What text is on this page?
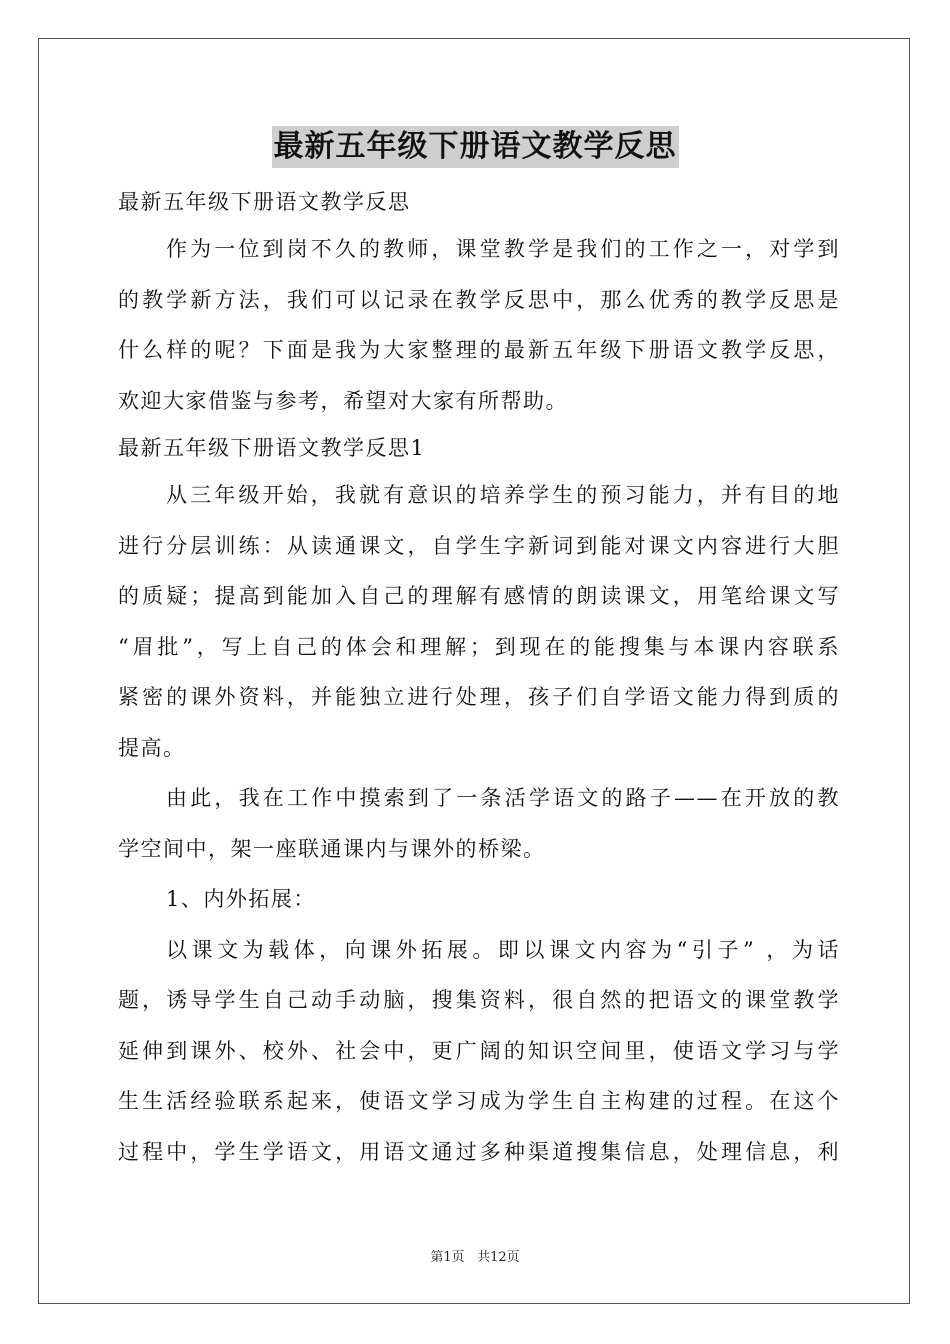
最新五年级下册语文教学反思
最新五年级下册语文教学反思
作为一位到岗不久的教师，课堂教学是我们的工作之一，对学到
的教学新方法，我们可以记录在教学反思中，那么优秀的教学反思是
什么样的呢？下面是我为大家整理的最新五年级下册语文教学反思，
欢迎大家借鉴与参考，希望对大家有所帮助。
最新五年级下册语文教学反思1
从三年级开始，我就有意识的培养学生的预习能力，并有目的地
进行分层训练：从读通课文，自学生字新词到能对课文内容进行大胆
的质疑；提高到能加入自己的理解有感情的朗读课文，用笔给课文写
“眉批”，写上自己的体会和理解；到现在的能搜集与本课内容联系
紧密的课外资料，并能独立进行处理，孩子们自学语文能力得到质的
提高。
由此，我在工作中摸索到了一条活学语文的路子——在开放的教
学空间中，架一座联通课内与课外的桥梁。
1、内外拓展：
以课文为载体，向课外拓展。即以课文内容为“引子” ，为话
题，诱导学生自己动手动脑，搜集资料，很自然的把语文的课堂教学
延伸到课外、校外、社会中，更广阔的知识空间里，使语文学习与学
生生活经验联系起来，使语文学习成为学生自主构建的过程。在这个
过程中，学生学语文，用语文通过多种渠道搜集信息，处理信息，利
第1页 共12页
